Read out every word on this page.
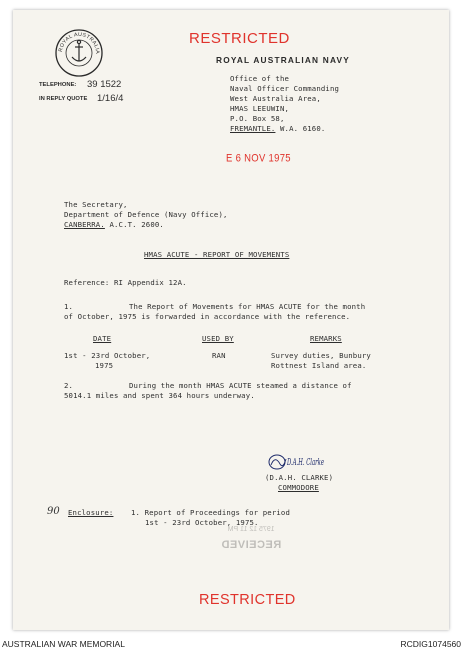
ROYAL AUSTRALIA
RESTRICTED
ROYAL AUSTRALIAN NAVY
TELEPHONE: 39 1522
IN REPLY QUOTE 1/16/4
Office of the
Naval Officer Commanding
West Australia Area,
HMAS LEEUWIN,
P.O. Box 58,
FREMANTLE. W.A. 6160.
E 6 NOV 1975
The Secretary,
Department of Defence (Navy Office),
CANBERRA. A.C.T. 2600.
HMAS ACUTE - REPORT OF MOVEMENTS
Reference: RI Appendix 12A.
1.	The Report of Movements for HMAS ACUTE for the month
of October, 1975 is forwarded in accordance with the reference.
DATE	USED BY	REMARKS
1st - 23rd October,
1975
RAN	Survey duties, Bunbury
Rottnest Island area.
2.	During the month HMAS ACUTE steamed a distance of
5014.1 miles and spent 364 hours underway.
D.A.H. Clarke
(D.A.H. CLARKE)
COMMODORE
90 Enclosure: 1. Report of Proceedings for period
1st - 23rd October, 1975.
1975 12 11 PM
RECEIVED
RESTRICTED
AUSTRALIAN WAR MEMORIAL	RCDIG1074560
